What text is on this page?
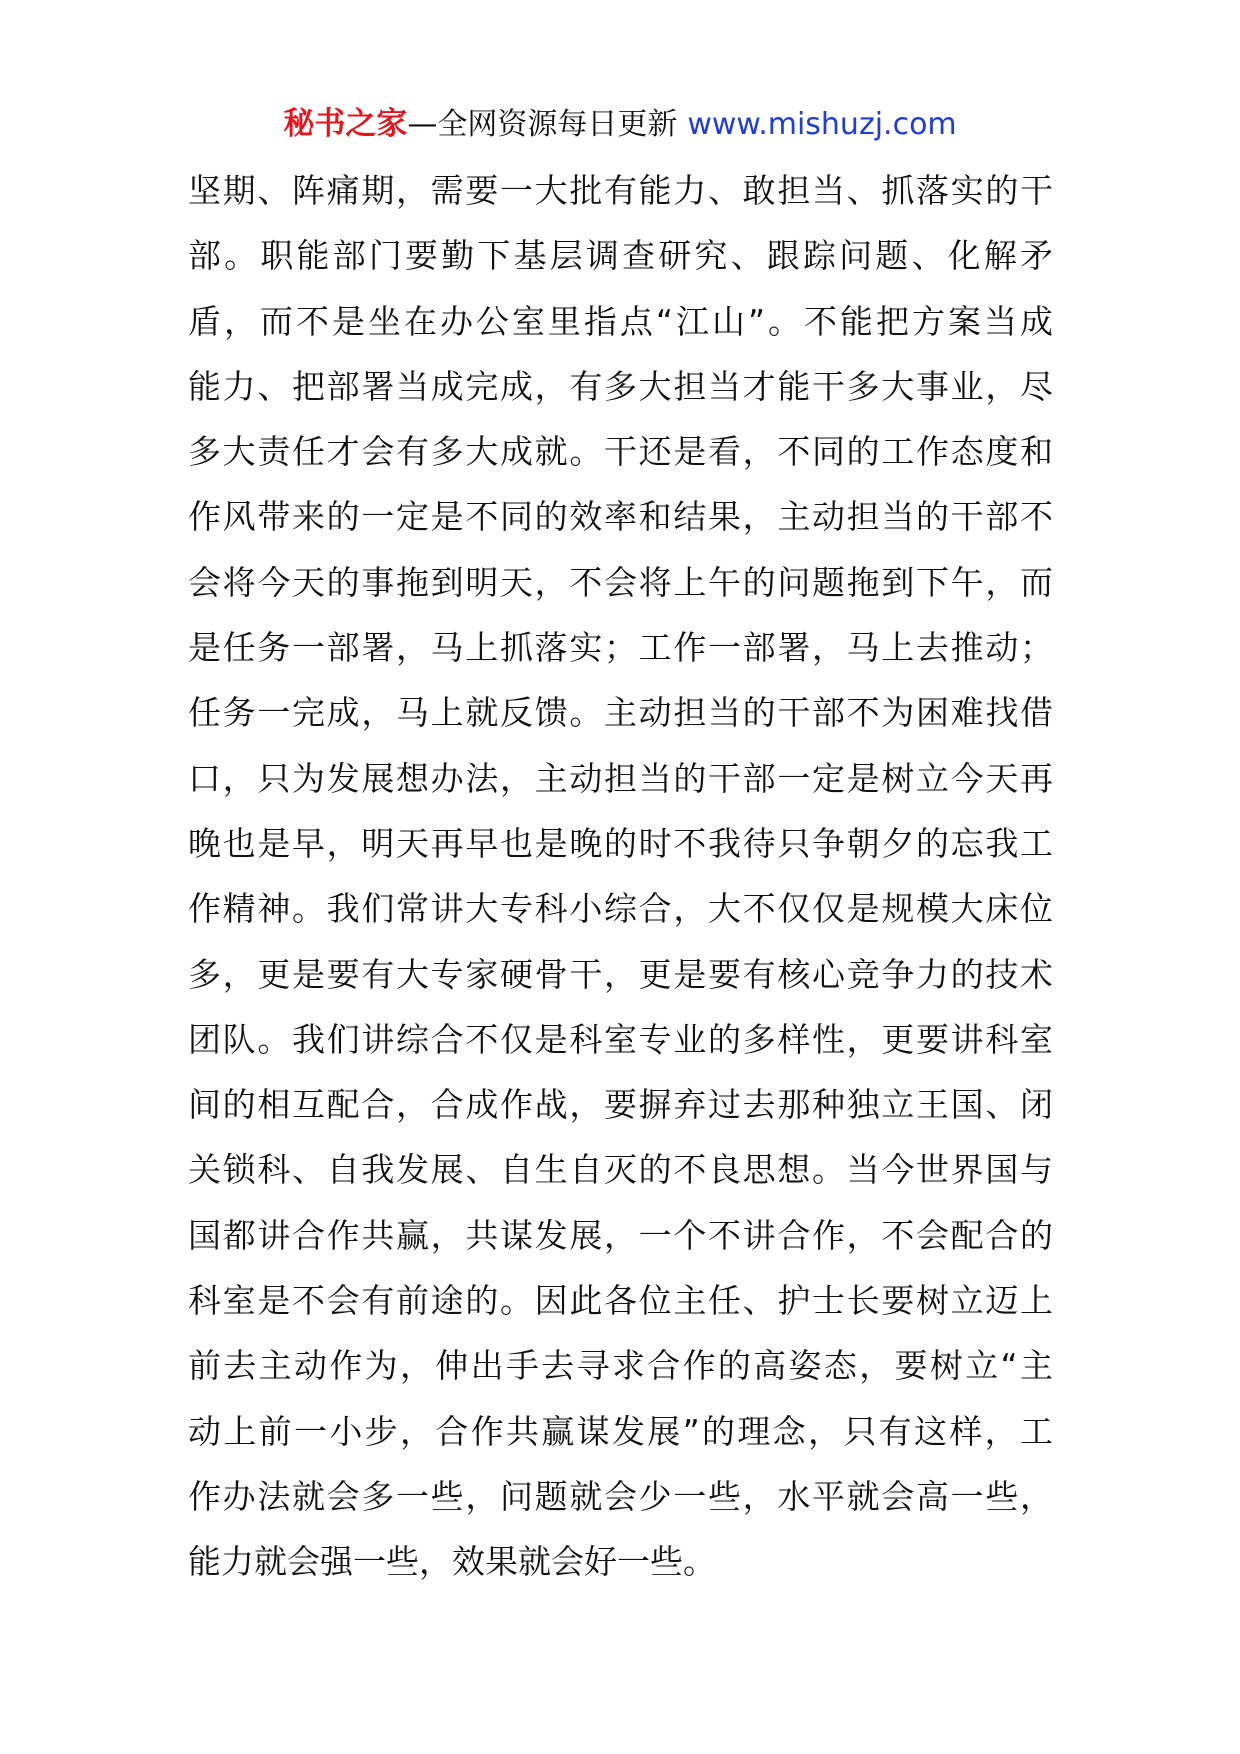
秘书之家—全网资源每日更新 www.mishuzj.com
坚期、阵痛期，需要一大批有能力、敢担当、抓落实的干
部。职能部门要勤下基层调查研究、跟踪问题、化解矛
盾，而不是坐在办公室里指点“江山”。不能把方案当成
能力、把部署当成完成，有多大担当才能干多大事业，尽
多大责任才会有多大成就。干还是看，不同的工作态度和
作风带来的一定是不同的效率和结果，主动担当的干部不
会将今天的事拖到明天，不会将上午的问题拖到下午，而
是任务一部署，马上抓落实；工作一部署，马上去推动；
任务一完成，马上就反馈。主动担当的干部不为困难找借
口，只为发展想办法，主动担当的干部一定是树立今天再
晚也是早，明天再早也是晚的时不我待只争朝夕的忘我工
作精神。我们常讲大专科小综合，大不仅仅是规模大床位
多，更是要有大专家硬骨干，更是要有核心竞争力的技术
团队。我们讲综合不仅是科室专业的多样性，更要讲科室
间的相互配合，合成作战，要摒弃过去那种独立王国、闭
关锁科、自我发展、自生自灭的不良思想。当今世界国与
国都讲合作共赢，共谋发展，一个不讲合作，不会配合的
科室是不会有前途的。因此各位主任、护士长要树立迈上
前去主动作为，伸出手去寻求合作的高姿态，要树立“主
动上前一小步，合作共赢谋发展”的理念，只有这样，工
作办法就会多一些，问题就会少一些，水平就会高一些，
能力就会强一些，效果就会好一些。
